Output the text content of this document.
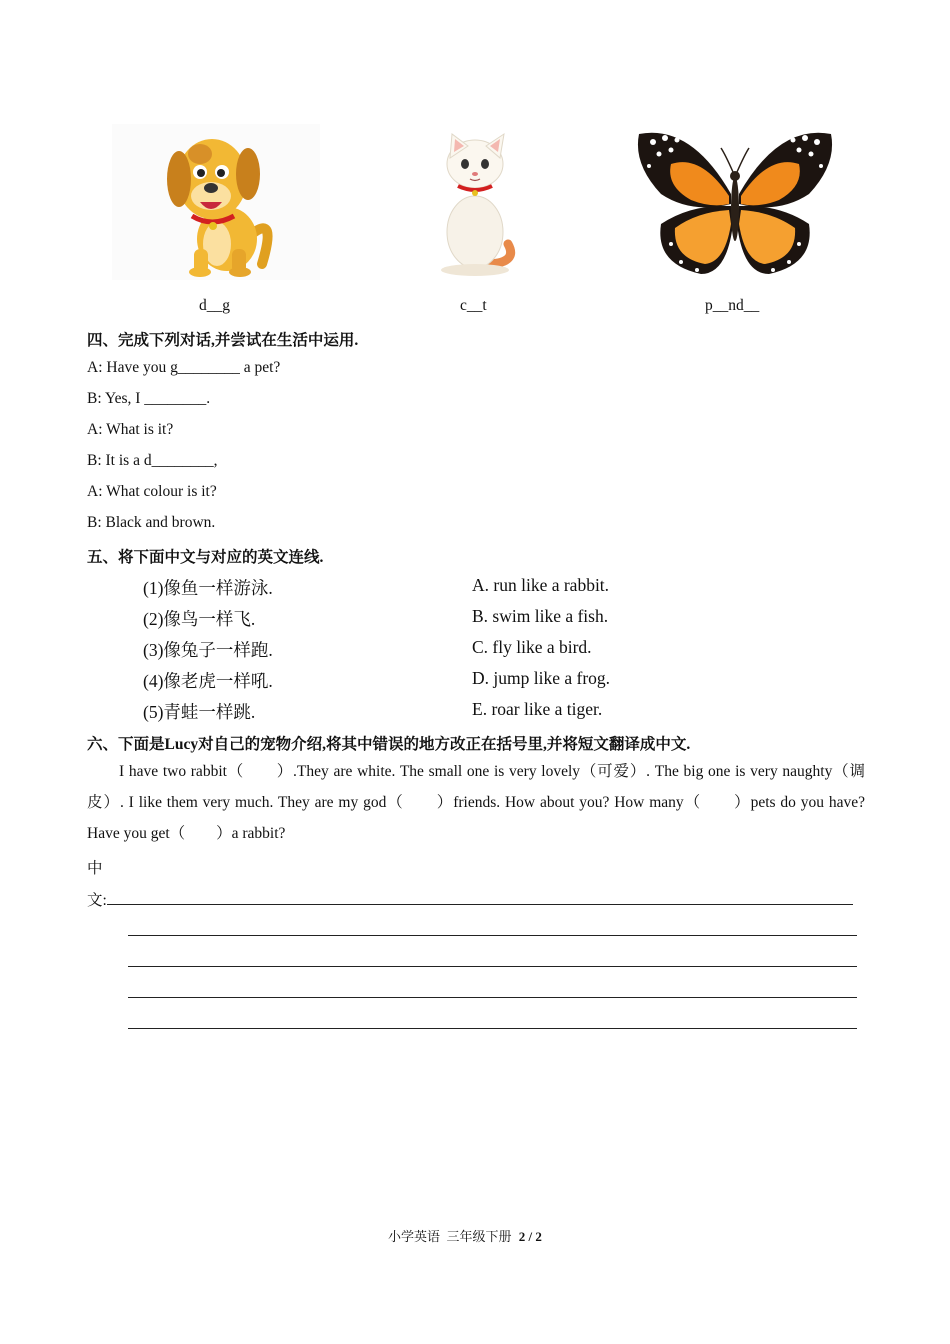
d__g	c__t	p__nd__
四、完成下列对话,并尝试在生活中运用.
A: Have you g________ a pet?
B: Yes, I ________.
A: What is it?
B: It is a d________,
A: What colour is it?
B: Black and brown.
五、将下面中文与对应的英文连线.
(1)像鱼一样游泳.
(2)像鸟一样飞.
(3)像兔子一样跑.
(4)像老虎一样吼.
(5)青蛙一样跳.
A. run like a rabbit.
B. swim like a fish.
C. fly like a bird.
D. jump like a frog.
E. roar like a tiger.
六、下面是Lucy对自己的宠物介绍,将其中错误的地方改正在括号里,并将短文翻译成中文.
I have two rabbit（　　）.They are white. The small one is very lovely（可爱）. The big one is very naughty（调皮）. I like them very much. They are my god（　　）friends. How about you? How many（　　）pets do you have? Have you get（　　）a rabbit?
中
文:
小学英语  三年级下册 2 / 2
